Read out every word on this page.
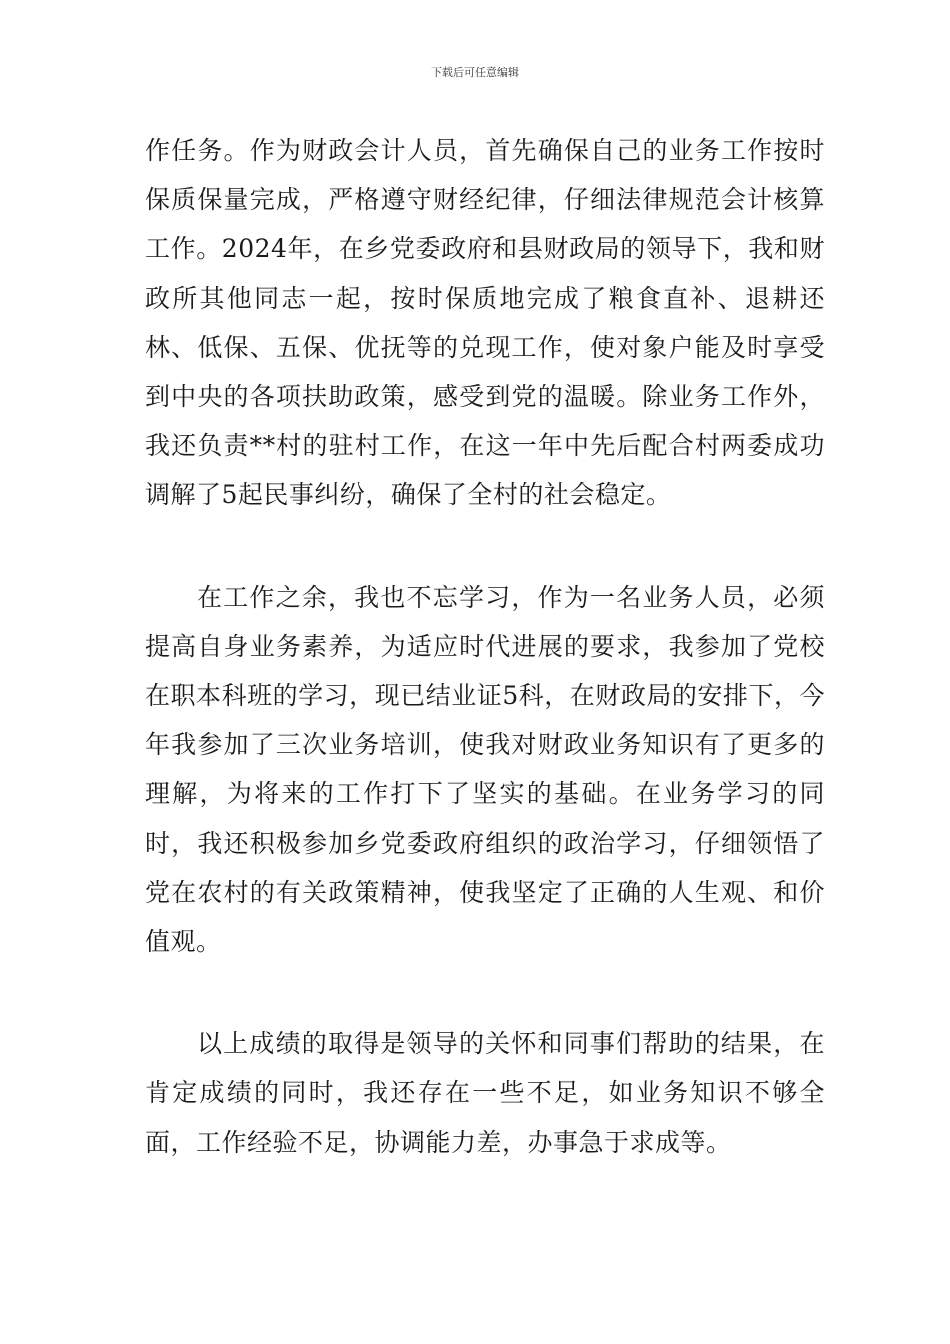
下载后可任意编辑

作任务。作为财政会计人员，首先确保自己的业务工作按时保质保量完成，严格遵守财经纪律，仔细法律规范会计核算工作。2024年，在乡党委政府和县财政局的领导下，我和财政所其他同志一起，按时保质地完成了粮食直补、退耕还林、低保、五保、优抚等的兑现工作，使对象户能及时享受到中央的各项扶助政策，感受到党的温暖。除业务工作外，我还负责**村的驻村工作，在这一年中先后配合村两委成功调解了5起民事纠纷，确保了全村的社会稳定。

在工作之余，我也不忘学习，作为一名业务人员，必须提高自身业务素养，为适应时代进展的要求，我参加了党校在职本科班的学习，现已结业证5科，在财政局的安排下，今年我参加了三次业务培训，使我对财政业务知识有了更多的理解，为将来的工作打下了坚实的基础。在业务学习的同时，我还积极参加乡党委政府组织的政治学习，仔细领悟了党在农村的有关政策精神，使我坚定了正确的人生观、和价值观。

以上成绩的取得是领导的关怀和同事们帮助的结果，在肯定成绩的同时，我还存在一些不足，如业务知识不够全面，工作经验不足，协调能力差，办事急于求成等。
